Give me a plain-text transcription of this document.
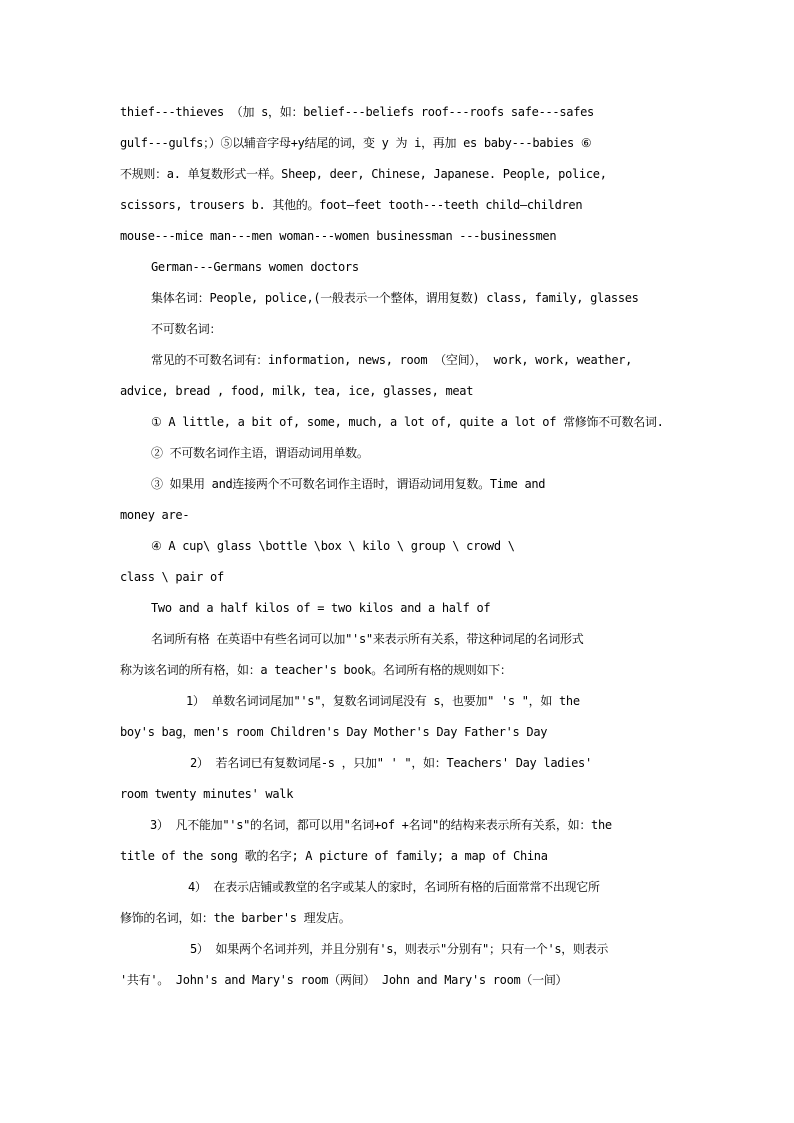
thief---thieves （加 s，如：belief---beliefs roof---roofs safe---safes
gulf---gulfs；）⑤以辅音字母+y结尾的词，变 y 为 i，再加 es baby---babies ⑥
不规则：a. 单复数形式一样。Sheep, deer, Chinese, Japanese. People, police,
scissors, trousers b. 其他的。foot—feet tooth---teeth child—children
mouse---mice man---men woman---women businessman ---businessmen
German---Germans women doctors
集体名词：People, police,(一般表示一个整体，谓用复数) class, family, glasses
不可数名词：
常见的不可数名词有：information, news, room （空间）， work, work, weather,
advice, bread , food, milk, tea, ice, glasses, meat
① A little, a bit of, some, much, a lot of, quite a lot of 常修饰不可数名词.
② 不可数名词作主语，谓语动词用单数。
③ 如果用 and连接两个不可数名词作主语时，谓语动词用复数。Time and
money are-
④ A cup\ glass \bottle \box \ kilo \ group \ crowd \
class \ pair of
Two and a half kilos of = two kilos and a half of
名词所有格 在英语中有些名词可以加"'s"来表示所有关系，带这种词尾的名词形式
称为该名词的所有格，如：a teacher's book。名词所有格的规则如下：
1） 单数名词词尾加"'s"，复数名词词尾没有 s，也要加" 's "，如 the
boy's bag，men's room Children's Day Mother's Day Father's Day
2） 若名词已有复数词尾-s ，只加" ' "，如：Teachers' Day ladies'
room twenty minutes' walk
3） 凡不能加"'s"的名词，都可以用"名词+of +名词"的结构来表示所有关系，如：the
title of the song 歌的名字; A picture of family; a map of China
4） 在表示店铺或教堂的名字或某人的家时，名词所有格的后面常常不出现它所
修饰的名词，如：the barber's 理发店。
5） 如果两个名词并列，并且分别有's，则表示"分别有"；只有一个's，则表示
'共有'。 John's and Mary's room（两间） John and Mary's room（一间）
